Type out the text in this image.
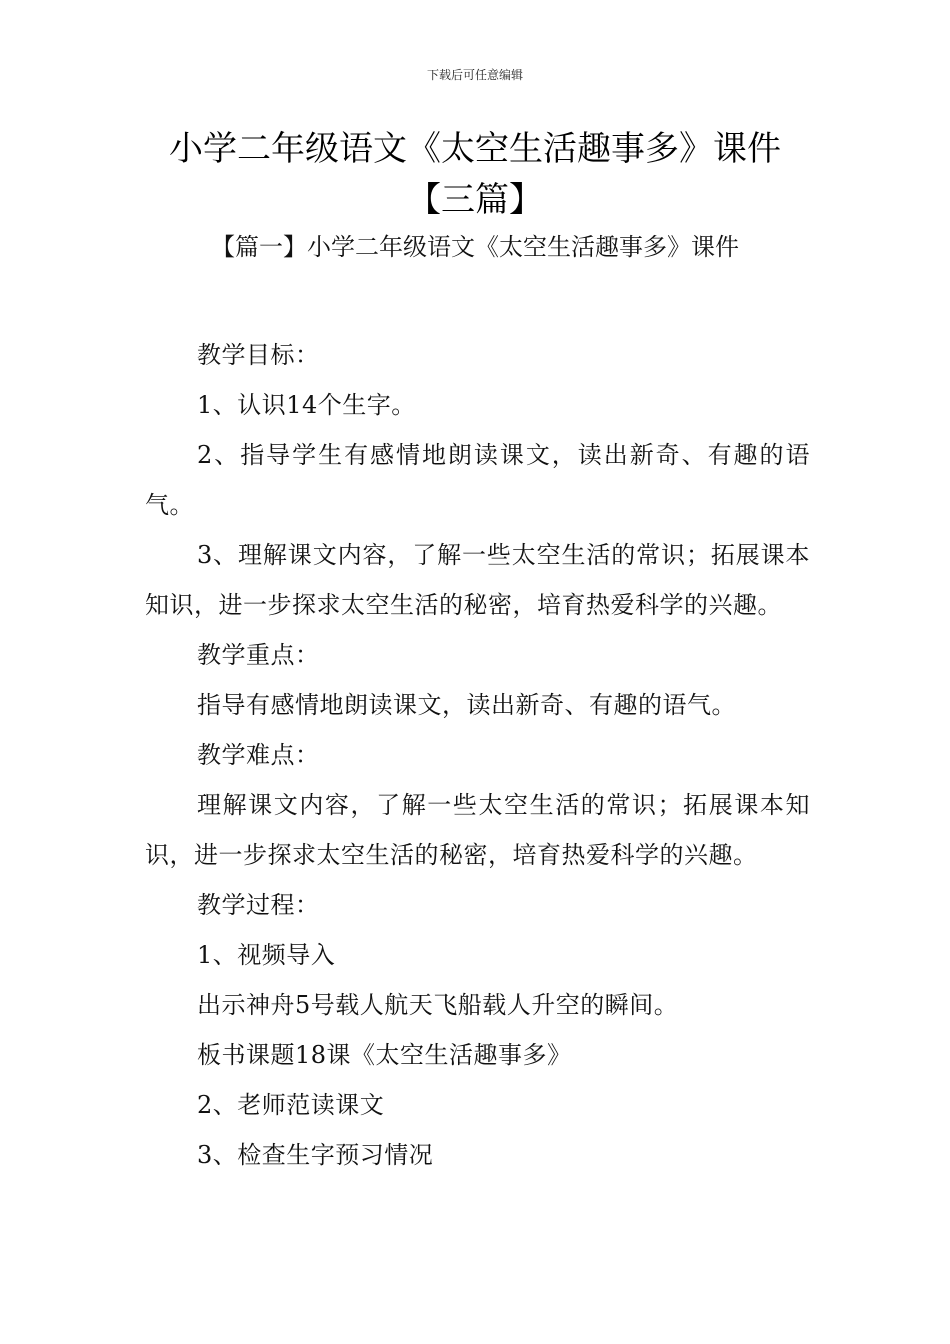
下载后可任意编辑
小学二年级语文《太空生活趣事多》课件
【三篇】
【篇一】小学二年级语文《太空生活趣事多》课件

教学目标：

1、认识14个生字。

2、指导学生有感情地朗读课文，读出新奇、有趣的语气。

3、理解课文内容，了解一些太空生活的常识；拓展课本知识，进一步探求太空生活的秘密，培育热爱科学的兴趣。

教学重点：

指导有感情地朗读课文，读出新奇、有趣的语气。

教学难点：

理解课文内容，了解一些太空生活的常识；拓展课本知识，进一步探求太空生活的秘密，培育热爱科学的兴趣。

教学过程：

1、视频导入

出示神舟5号载人航天飞船载人升空的瞬间。

板书课题18课《太空生活趣事多》

2、老师范读课文

3、检查生字预习情况
